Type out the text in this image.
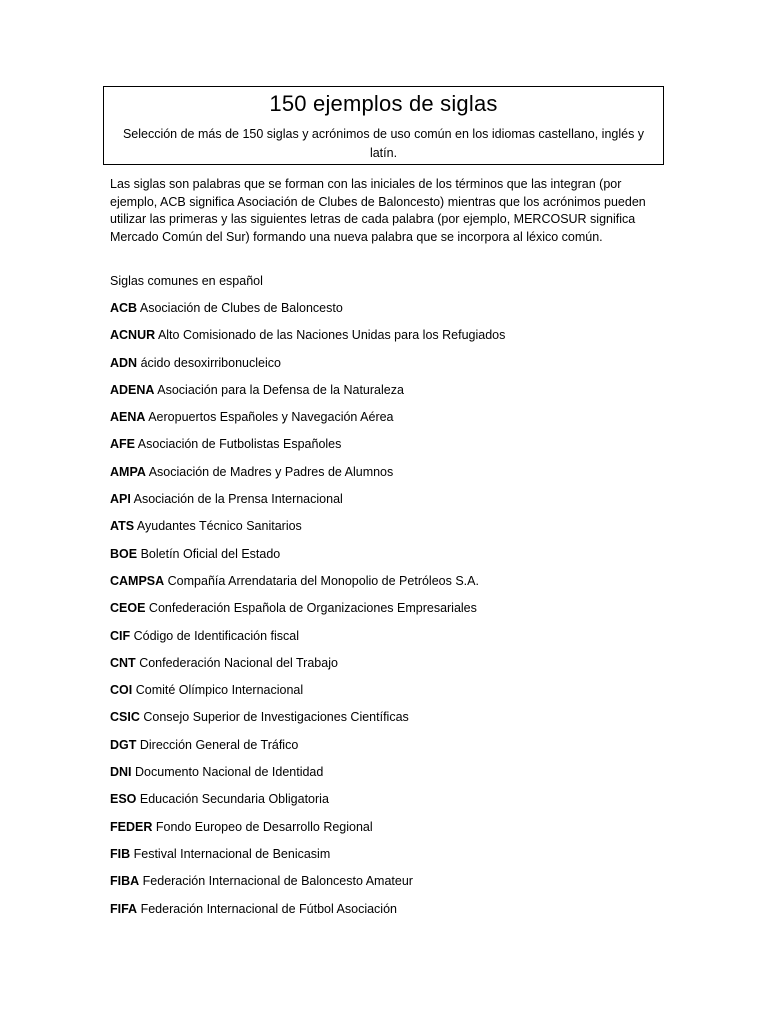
150 ejemplos de siglas
Selección de más de 150 siglas y acrónimos de uso común en los idiomas castellano, inglés y latín.
Las siglas son palabras que se forman con las iniciales de los términos que las integran (por ejemplo, ACB significa Asociación de Clubes de Baloncesto) mientras que los acrónimos pueden utilizar las primeras y las siguientes letras de cada palabra (por ejemplo, MERCOSUR significa Mercado Común del Sur) formando una nueva palabra que se incorpora al léxico común.
Siglas comunes en español
ACB Asociación de Clubes de Baloncesto
ACNUR Alto Comisionado de las Naciones Unidas para los Refugiados
ADN ácido desoxirribonucleico
ADENA Asociación para la Defensa de la Naturaleza
AENA Aeropuertos Españoles y Navegación Aérea
AFE Asociación de Futbolistas Españoles
AMPA Asociación de Madres y Padres de Alumnos
API Asociación de la Prensa Internacional
ATS Ayudantes Técnico Sanitarios
BOE Boletín Oficial del Estado
CAMPSA Compañía Arrendataria del Monopolio de Petróleos S.A.
CEOE Confederación Española de Organizaciones Empresariales
CIF Código de Identificación fiscal
CNT Confederación Nacional del Trabajo
COI Comité Olímpico Internacional
CSIC Consejo Superior de Investigaciones Científicas
DGT Dirección General de Tráfico
DNI Documento Nacional de Identidad
ESO Educación Secundaria Obligatoria
FEDER Fondo Europeo de Desarrollo Regional
FIB Festival Internacional de Benicasim
FIBA Federación Internacional de Baloncesto Amateur
FIFA Federación Internacional de Fútbol Asociación
